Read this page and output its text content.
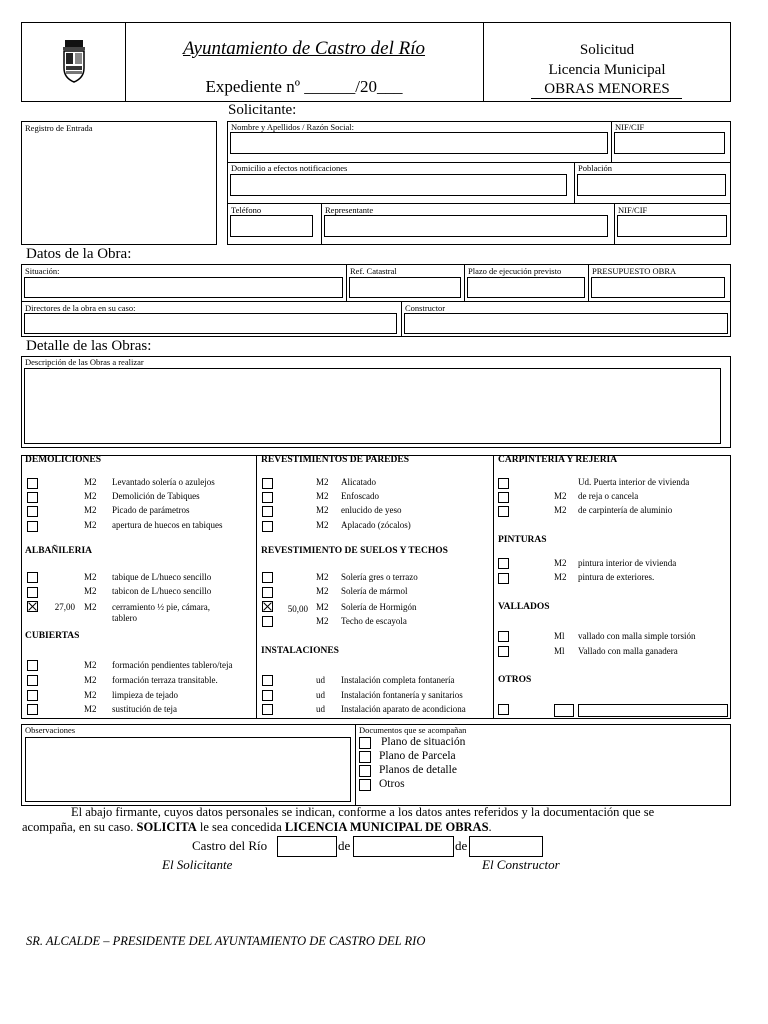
Ayuntamiento de Castro del Río
Expediente nº ______/20___
Solicitud
Licencia Municipal
OBRAS MENORES
Solicitante:
Registro de Entrada	Nombre y Apellidos / Razón Social:	NIF/CIF
Domicilio a efectos notificaciones	Población
Teléfono	Representante	NIF/CIF
Datos de la Obra:
Situación:	Ref. Catastral	Plazo de ejecución previsto	PRESUPUESTO OBRA
Directores de la obra en su caso:	Constructor
Detalle de las Obras:
Descripción de las Obras a realizar
DEMOLICIONES
M2 Levantado solería o azulejos
M2 Demolición de Tabiques
M2 Picado de parámetros
M2 apertura de huecos en tabiques
ALBAÑILERIA
M2 tabique de L/hueco sencillo
M2 tabicon de L/hueco sencillo
27,00 M2 cerramiento ½ pie, cámara,
tablero
CUBIERTAS
M2 formación pendientes tablero/teja
M2 formación terraza transitable.
M2 limpieza de tejado
M2 sustitución de teja
REVESTIMIENTOS DE PAREDES
M2 Alicatado
M2 Enfoscado
M2 enlucido de yeso
M2 Aplacado (zócalos)
REVESTIMIENTO DE SUELOS Y TECHOS
M2 Solería gres o terrazo
M2 Solería de mármol
50,00 M2 Solería de Hormigón
M2 Techo de escayola
INSTALACIONES
ud Instalación completa fontanería
ud Instalación fontanería y sanitarios
ud Instalación aparato de acondiciona
CARPINTERIA Y REJERIA
Ud. Puerta interior de vivienda
M2 de reja o cancela
M2 de carpintería de aluminio
PINTURAS
M2 pintura interior de vivienda
M2 pintura de exteriores.
VALLADOS
Ml vallado con malla simple torsión
Ml Vallado con malla ganadera
OTROS
Observaciones	Documentos que se acompañan
Plano de situación
Plano de Parcela
Planos de detalle
Otros
El abajo firmante, cuyos datos personales se indican, conforme a los datos antes referidos y la documentación que se
acompaña, en su caso. SOLICITA le sea concedida LICENCIA MUNICIPAL DE OBRAS.
Castro del Río	de	de
El Solicitante	El Constructor
SR. ALCALDE – PRESIDENTE DEL AYUNTAMIENTO DE CASTRO DEL RIO
